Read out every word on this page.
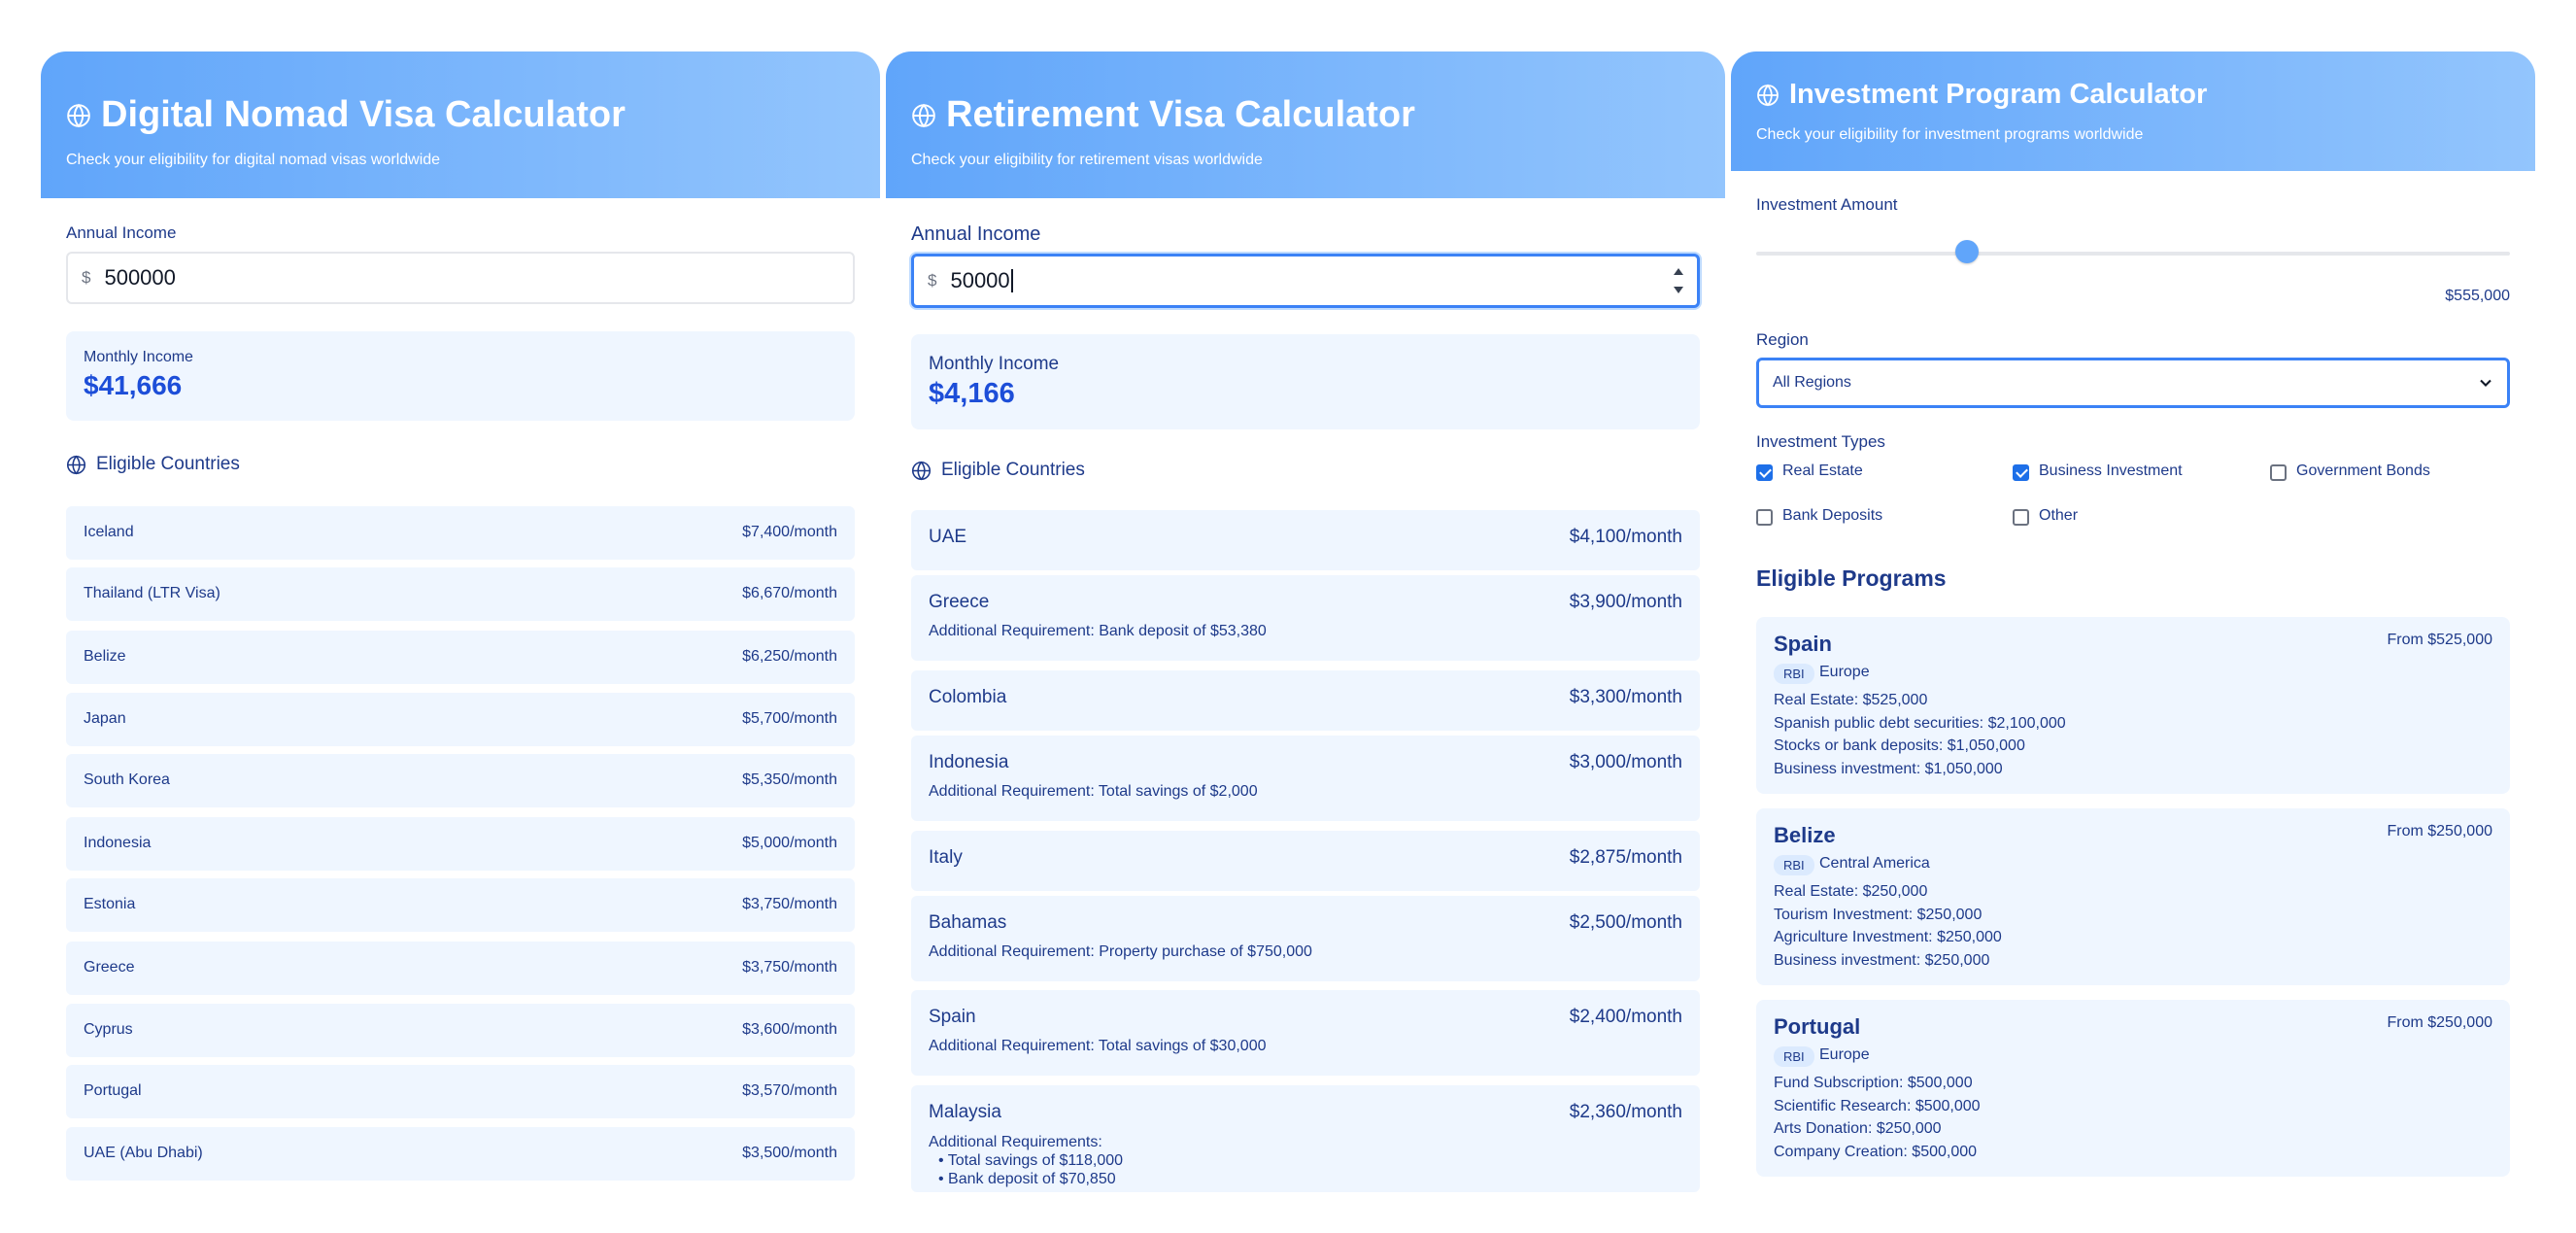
Digital Nomad Visa Calculator
Check your eligibility for digital nomad visas worldwide
Annual Income
$ 500000
Monthly Income
$41,666
Eligible Countries
Iceland	$7,400/month
Thailand (LTR Visa)	$6,670/month
Belize	$6,250/month
Japan	$5,700/month
South Korea	$5,350/month
Indonesia	$5,000/month
Estonia	$3,750/month
Greece	$3,750/month
Cyprus	$3,600/month
Portugal	$3,570/month
UAE (Abu Dhabi)	$3,500/month
Retirement Visa Calculator
Check your eligibility for retirement visas worldwide
Annual Income
$ 50000
Monthly Income
$4,166
Eligible Countries
UAE	$4,100/month
Greece	$3,900/month
Additional Requirement: Bank deposit of $53,380
Colombia	$3,300/month
Indonesia	$3,000/month
Additional Requirement: Total savings of $2,000
Italy	$2,875/month
Bahamas	$2,500/month
Additional Requirement: Property purchase of $750,000
Spain	$2,400/month
Additional Requirement: Total savings of $30,000
Malaysia	$2,360/month
Additional Requirements:
• Total savings of $118,000
• Bank deposit of $70,850
Investment Program Calculator
Check your eligibility for investment programs worldwide
Investment Amount
$555,000
Region
All Regions
Investment Types
Real Estate	Business Investment	Government Bonds
Bank Deposits	Other
Eligible Programs
Spain	From $525,000
RBI Europe
Real Estate: $525,000
Spanish public debt securities: $2,100,000
Stocks or bank deposits: $1,050,000
Business investment: $1,050,000
Belize	From $250,000
RBI Central America
Real Estate: $250,000
Tourism Investment: $250,000
Agriculture Investment: $250,000
Business investment: $250,000
Portugal	From $250,000
RBI Europe
Fund Subscription: $500,000
Scientific Research: $500,000
Arts Donation: $250,000
Company Creation: $500,000
